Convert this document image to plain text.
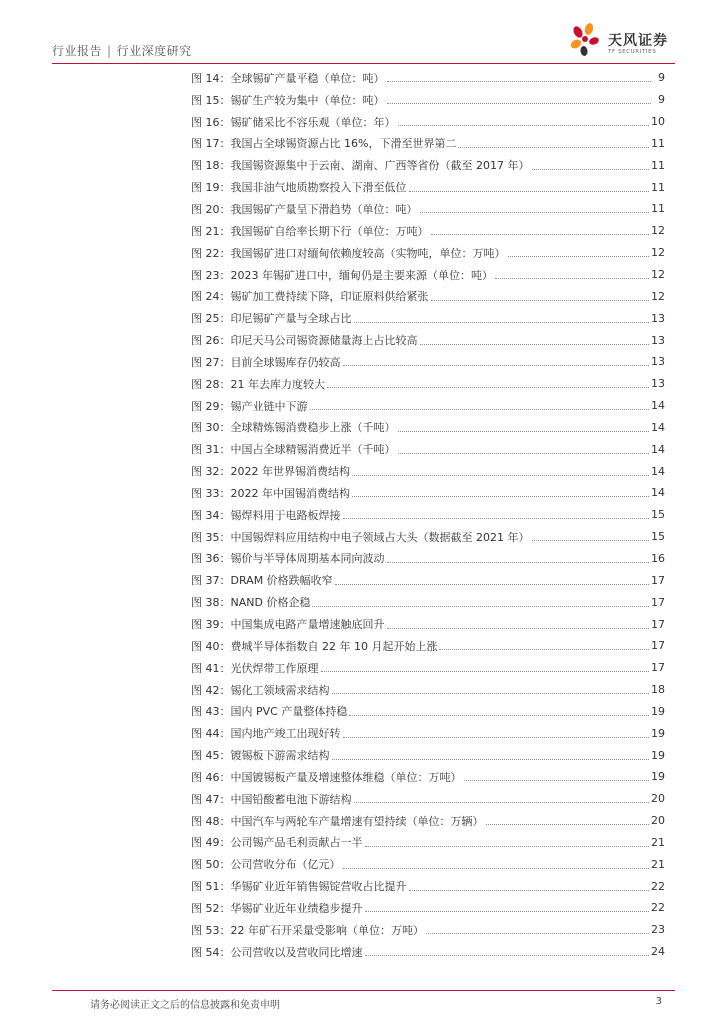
行业报告 | 行业深度研究
天风证券
TF SECURITIES
图 14： 全球锡矿产量平稳（单位：吨）	9
图 15： 锡矿生产较为集中（单位：吨）	9
图 16： 锡矿储采比不容乐观（单位：年）	10
图 17： 我国占全球锡资源占比 16%，下滑至世界第二	11
图 18： 我国锡资源集中于云南、湖南、广西等省份（截至 2017 年）	11
图 19： 我国非油气地质勘察投入下滑至低位	11
图 20： 我国锡矿产量呈下滑趋势（单位：吨）	11
图 21： 我国锡矿自给率长期下行（单位：万吨）	12
图 22： 我国锡矿进口对缅甸依赖度较高（实物吨，单位：万吨）	12
图 23： 2023 年锡矿进口中，缅甸仍是主要来源（单位：吨）	12
图 24： 锡矿加工费持续下降，印证原料供给紧张	12
图 25： 印尼锡矿产量与全球占比	13
图 26： 印尼天马公司锡资源储量海上占比较高	13
图 27： 目前全球锡库存仍较高	13
图 28： 21 年去库力度较大	13
图 29： 锡产业链中下游	14
图 30： 全球精炼锡消费稳步上涨（千吨）	14
图 31： 中国占全球精锡消费近半（千吨）	14
图 32： 2022 年世界锡消费结构	14
图 33： 2022 年中国锡消费结构	14
图 34： 锡焊料用于电路板焊接	15
图 35： 中国锡焊料应用结构中电子领域占大头（数据截至 2021 年）	15
图 36： 锡价与半导体周期基本同向波动	16
图 37： DRAM 价格跌幅收窄	17
图 38： NAND 价格企稳	17
图 39： 中国集成电路产量增速触底回升	17
图 40： 费城半导体指数自 22 年 10 月起开始上涨	17
图 41： 光伏焊带工作原理	17
图 42： 锡化工领域需求结构	18
图 43： 国内 PVC 产量整体持稳	19
图 44： 国内地产竣工出现好转	19
图 45： 镀锡板下游需求结构	19
图 46： 中国镀锡板产量及增速整体维稳（单位：万吨）	19
图 47： 中国铅酸蓄电池下游结构	20
图 48： 中国汽车与两轮车产量增速有望持续（单位：万辆）	20
图 49： 公司锡产品毛利贡献占一半	21
图 50： 公司营收分布（亿元）	21
图 51： 华锡矿业近年销售锡锭营收占比提升	22
图 52： 华锡矿业近年业绩稳步提升	22
图 53： 22 年矿石开采量受影响（单位：万吨）	23
图 54： 公司营收以及营收同比增速	24
请务必阅读正文之后的信息披露和免责申明	3
